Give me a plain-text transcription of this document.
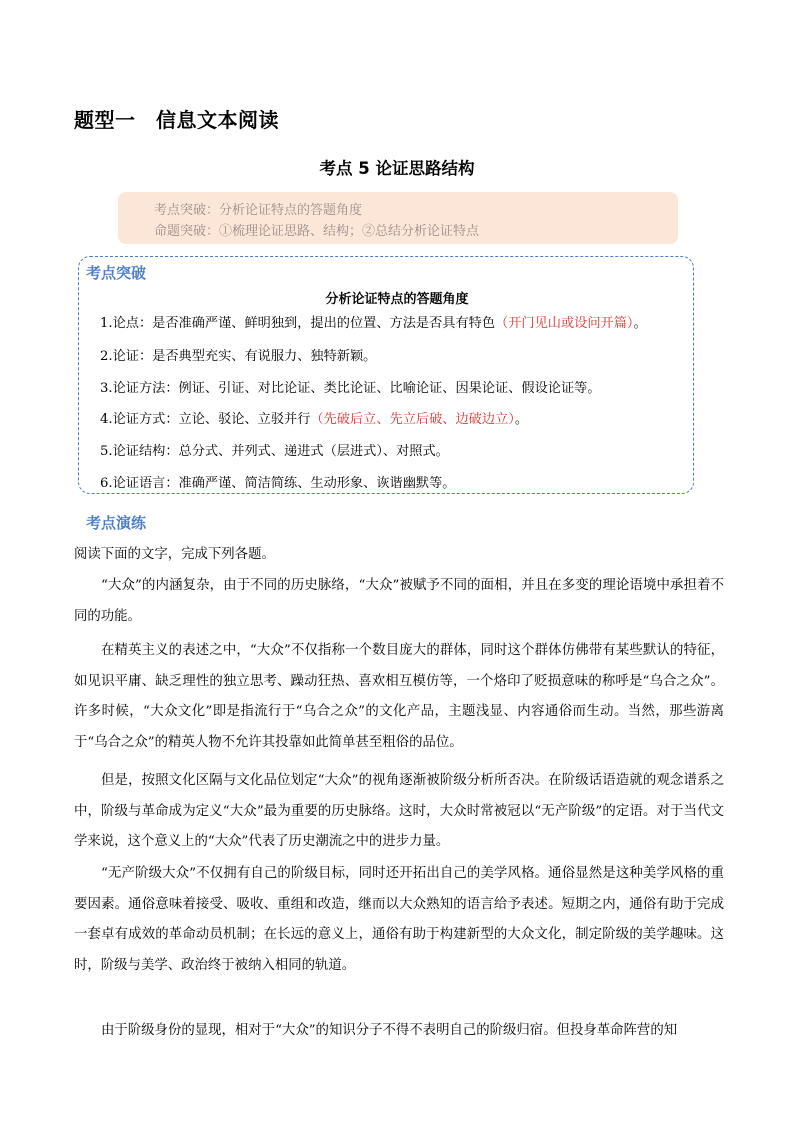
题型一　信息文本阅读
考点 5 论证思路结构
考点突破：分析论证特点的答题角度
命题突破：①梳理论证思路、结构；②总结分析论证特点
考点突破
分析论证特点的答题角度
1.论点：是否准确严谨、鲜明独到，提出的位置、方法是否具有特色（开门见山或设问开篇）。
2.论证：是否典型充实、有说服力、独特新颖。
3.论证方法：例证、引证、对比论证、类比论证、比喻论证、因果论证、假设论证等。
4.论证方式：立论、驳论、立驳并行（先破后立、先立后破、边破边立）。
5.论证结构：总分式、并列式、递进式（层进式）、对照式。
6.论证语言：准确严谨、简洁简练、生动形象、诙谐幽默等。
考点演练
阅读下面的文字，完成下列各题。
“大众”的内涵复杂，由于不同的历史脉络，“大众”被赋予不同的面相，并且在多变的理论语境中承担着不同的功能。
在精英主义的表述之中，“大众”不仅指称一个数目庞大的群体，同时这个群体仿佛带有某些默认的特征，如见识平庸、缺乏理性的独立思考、躁动狂热、喜欢相互模仿等，一个烙印了贬损意味的称呼是“乌合之众”。许多时候，“大众文化”即是指流行于“乌合之众”的文化产品，主题浅显、内容通俗而生动。当然，那些游离于“乌合之众”的精英人物不允许其投靠如此简单甚至粗俗的品位。
但是，按照文化区隔与文化品位划定“大众”的视角逐渐被阶级分析所否决。在阶级话语造就的观念谱系之中，阶级与革命成为定义“大众”最为重要的历史脉络。这时，大众时常被冠以“无产阶级”的定语。对于当代文学来说，这个意义上的“大众”代表了历史潮流之中的进步力量。
“无产阶级大众”不仅拥有自己的阶级目标，同时还开拓出自己的美学风格。通俗显然是这种美学风格的重要因素。通俗意味着接受、吸收、重组和改造，继而以大众熟知的语言给予表述。短期之内，通俗有助于完成一套卓有成效的革命动员机制；在长远的意义上，通俗有助于构建新型的大众文化，制定阶级的美学趣味。这时，阶级与美学、政治终于被纳入相同的轨道。
由于阶级身份的显现，相对于“大众”的知识分子不得不表明自己的阶级归宿。但投身革命阵营的知
